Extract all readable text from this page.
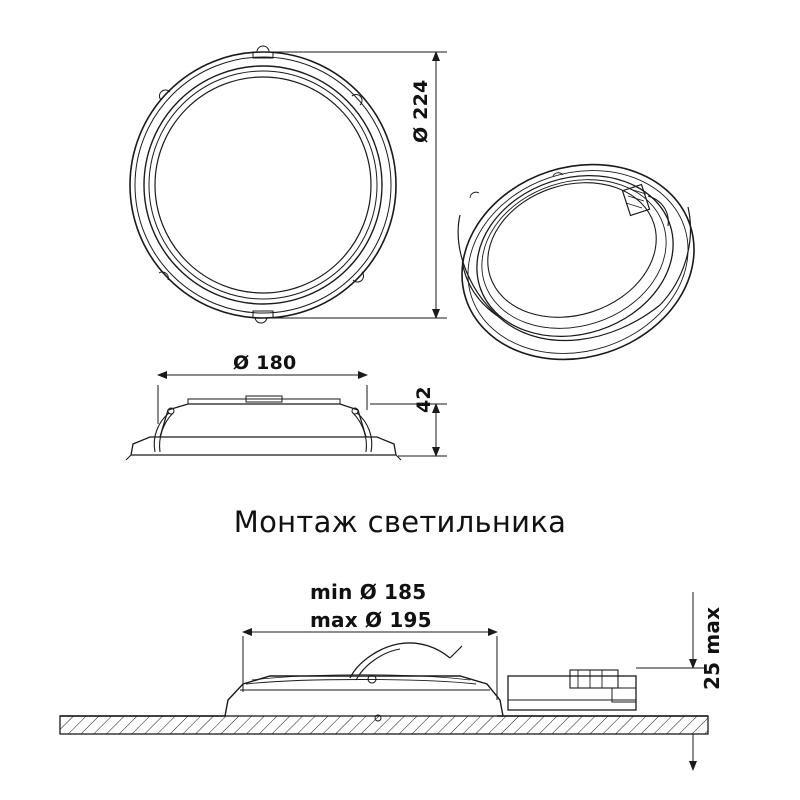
Ø 224
Ø 180
42
Монтаж светильника
min Ø 185
max Ø 195	25 max
